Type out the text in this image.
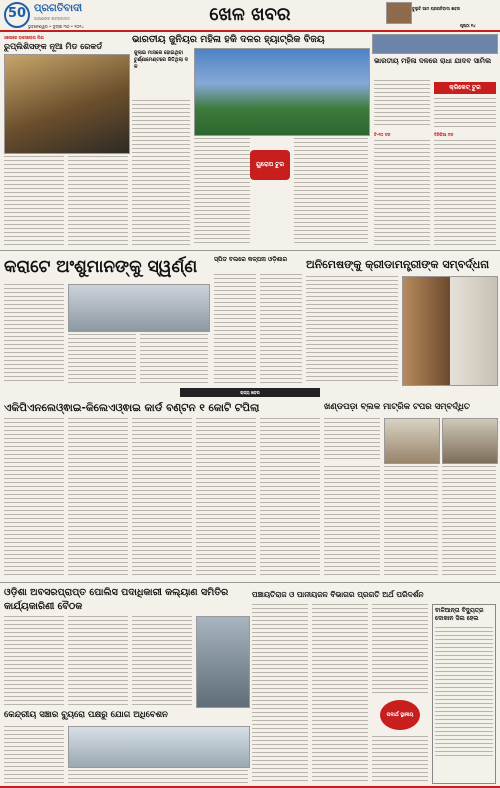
50 ପ୍ରଗତିବାଦୀ
ଆପଣଙ୍କ ଖବରକାଗଜ
ଭୁବନେଶ୍ୱର • ଜୁଲାଇ ୩୦ • ୨୦୨୪
ଖେଳ ଖବର	ବୁଲୁଚି ଆମ ପ୍ରଗତିବାଦୀ ଖବର
ପୃଷ୍ଠା ୧୪
ଓଲେରେ ବାସେଲୋନା ଲିଗ
ରୁପ୍ଲିଶିସଙ୍କ ନୂଆ ମିଡ ରେକର୍ଡ
ଭାରତୀୟ ଜୁନିୟର ମହିଳା ହକି ଦଳର ହ୍ୟାଟ୍ରିକ ବିଜୟ
ଜୁଲାଇ ମାସରେ ହୋଇଥିବା ଟୁର୍ଣ୍ଣାମେଣ୍ଟରେ ଜିତିଥିଲା ଦଳ
ୟୁରୋପ ଟୁର
ଭାରତୀୟ ମହିଳା ଦଳରେ ରାଧା ଯାଦବ ସାମିଲ
କ୍ରିକେଟ୍ ଟୁର
ଟି-୨୦ ଦଳ	ଦିନିକିଆ ଦଳ
କରାଟେ ଅଂଶୁମାନଙ୍କୁ ସ୍ୱର୍ଣ୍ଣ	ସ୍ପିଡ ବଲରେ କଳ୍ପନା ଓଡ଼ିଶାର	ଅନିମେଷଙ୍କୁ କ୍ରୀଡାମନ୍ତ୍ରୀଙ୍କ ସମ୍ବର୍ଦ୍ଧନା
ରାଜ୍ୟ ଖବର
ଏକିପିଏନଲେଓ୍ଵାଇ-କିଲେଏଓ୍ଵାଇ କାର୍ଡ ବଣ୍ଟନ ୧ କୋଟି ଟପିଲା	ଖଣ୍ଡପଡ଼ା ବ୍ଲକ ମାଟ୍ରିକ ଟପର ସମ୍ବର୍ଦ୍ଧିତ
ଓଡ଼ିଶା ଅବସରପ୍ରାପ୍ତ ପୋଲିସ ପଦାଧିକାରୀ କଲ୍ୟାଣ ସମିତିର କାର୍ଯ୍ୟକାରିଣୀ ବୈଠକ
କେନ୍ଦ୍ରୀୟ ସଞ୍ଚାର ବ୍ୟୁରୋ ପକ୍ଷରୁ ଯୋଗ ଅଧିବେଶନ
ପଞ୍ଚାୟତିରାଜ ଓ ପାନୀୟଜଳ ବିଭାଗର ପ୍ରଗତି ଅର୍ଥ ପରିଦର୍ଶନ
ପଦାର୍ଥ ସ୍ଥାନୀୟ
ବାଳିଆନ୍ତା ବିଦ୍ୟୁତ୍ର ଦୋକାନ ସିଲ ହେଲ
